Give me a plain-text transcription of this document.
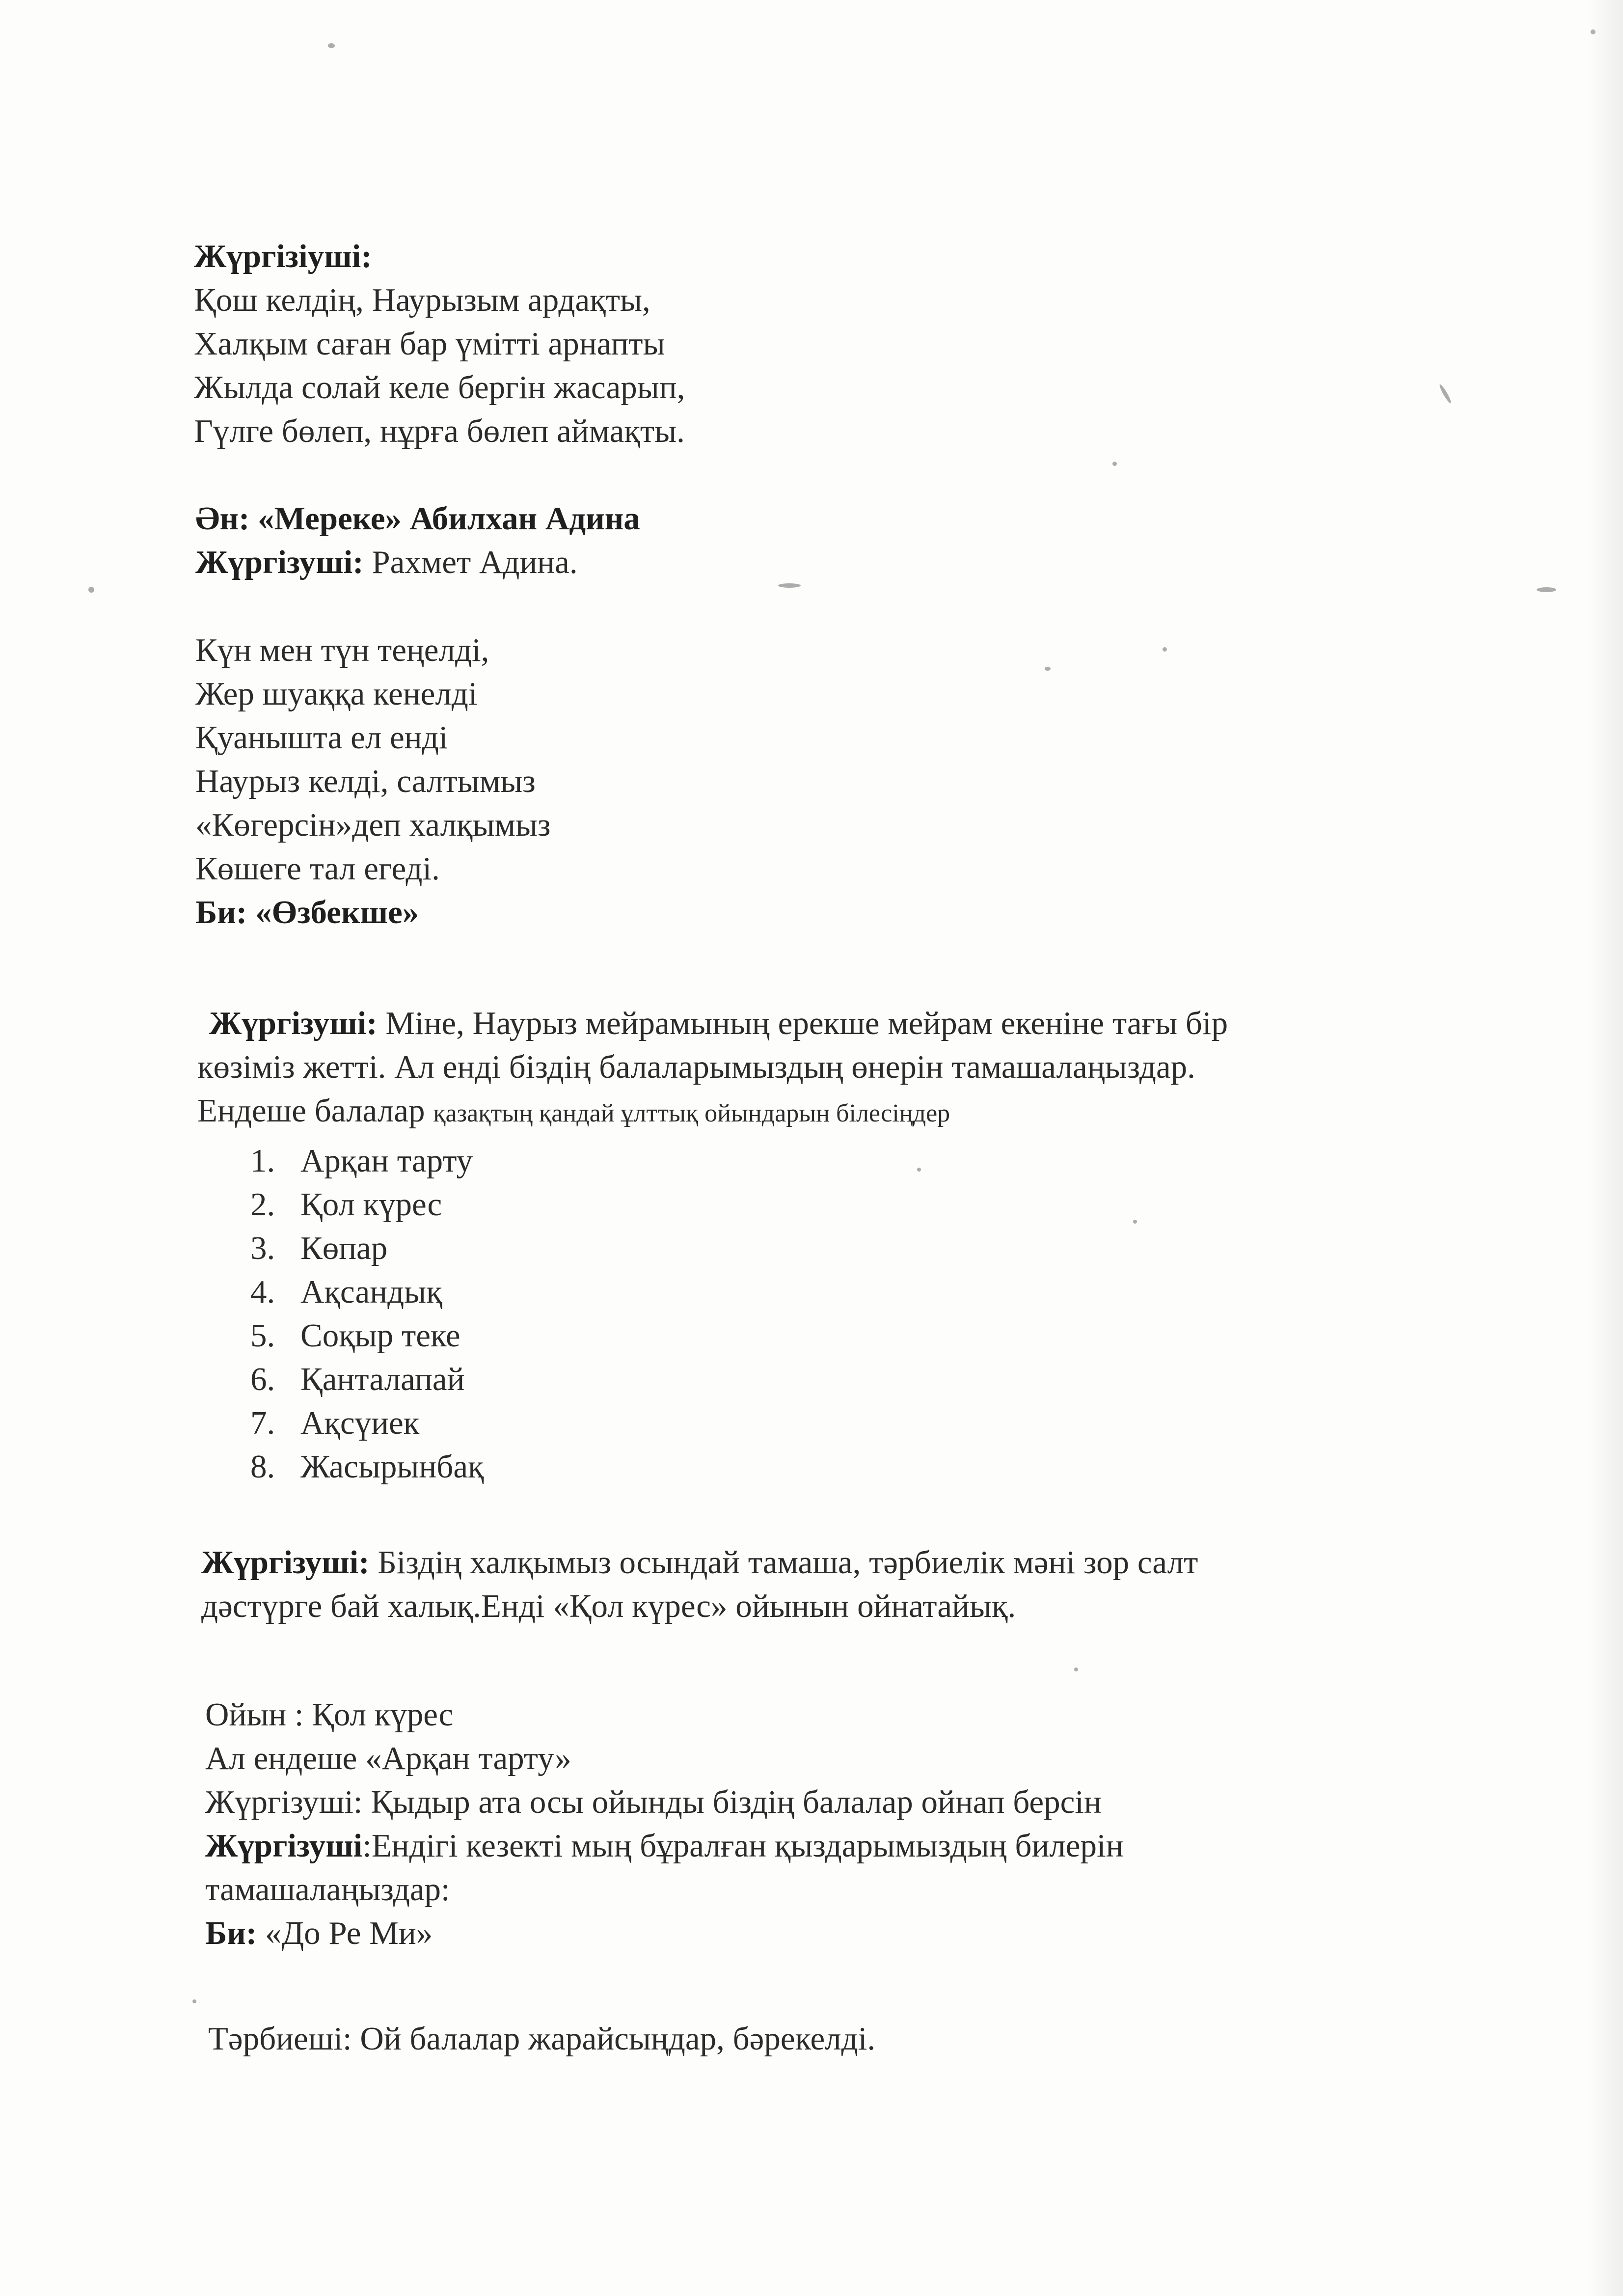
Жүргізіуші:

Қош келдің, Наурызым ардақты,

Халқым саған бар үмітті арнапты

Жылда солай келе бергін жасарып,

Гүлге бөлеп, нұрға бөлеп аймақты.

Ән: «Мереке» Абилхан Адина

Жүргізуші: Рахмет Адина.

Күн мен түн теңелді,

Жер шуаққа кенелді

Қуанышта ел енді

Наурыз келді, салтымыз

«Көгерсін»деп халқымыз

Көшеге тал егеді.

Би: «Өзбекше»

Жүргізуші: Міне, Наурыз мейрамының ерекше мейрам екеніне тағы бір

көзіміз жетті. Ал енді біздің балаларымыздың өнерін тамашалаңыздар.

Ендеше балалар қазақтың қандай ұлттық ойындарын білесіңдер

1. Арқан тарту
2. Қол күрес
3. Көпар
4. Ақсандық
5. Соқыр теке
6. Қанталапай
7. Ақсүиек
8. Жасырынбақ

Жүргізуші: Біздің халқымыз осындай тамаша, тәрбиелік мәні зор салт

дәстүрге бай халық.Енді «Қол күрес» ойынын ойнатайық.

Ойын : Қол күрес

Ал ендеше «Арқан тарту»

Жүргізуші: Қыдыр ата осы ойынды біздің балалар ойнап берсін

Жүргізуші:Ендігі кезекті мың бұралған қыздарымыздың билерін

тамашалаңыздар:

Би: «До Ре Ми»

Тәрбиеші: Ой балалар жарайсыңдар, бәрекелді.
